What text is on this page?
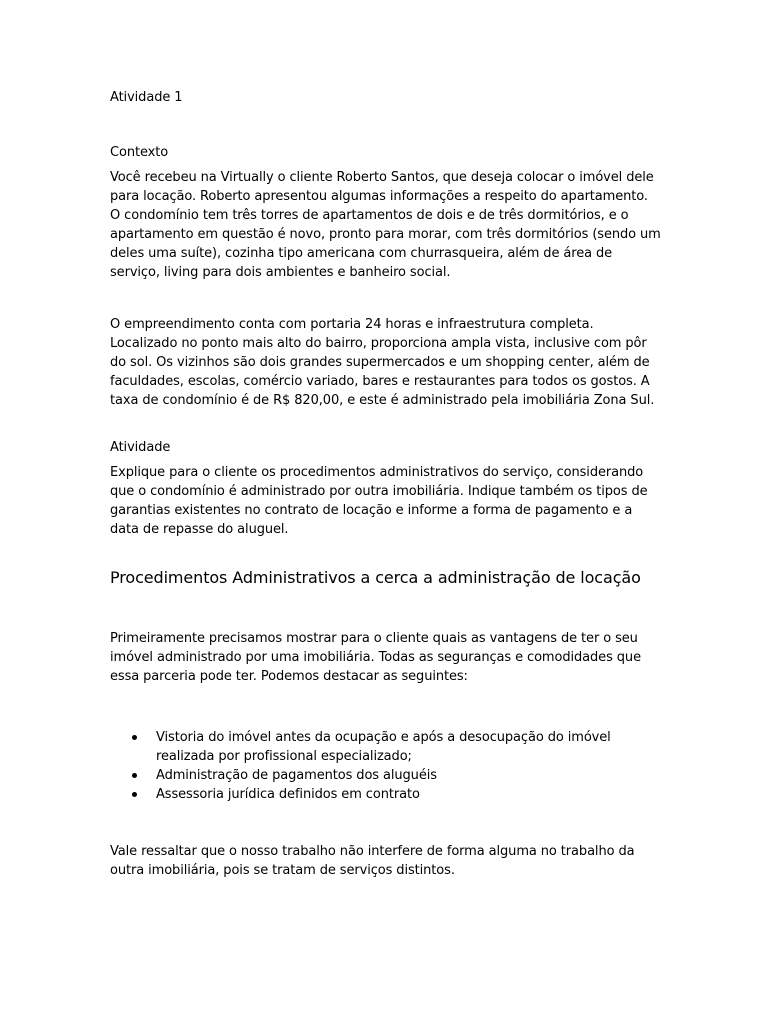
Atividade 1

Contexto

Você recebeu na Virtually o cliente Roberto Santos, que deseja colocar o imóvel dele para locação. Roberto apresentou algumas informações a respeito do apartamento. O condomínio tem três torres de apartamentos de dois e de três dormitórios, e o apartamento em questão é novo, pronto para morar, com três dormitórios (sendo um deles uma suíte), cozinha tipo americana com churrasqueira, além de área de serviço, living para dois ambientes e banheiro social.

O empreendimento conta com portaria 24 horas e infraestrutura completa. Localizado no ponto mais alto do bairro, proporciona ampla vista, inclusive com pôr do sol. Os vizinhos são dois grandes supermercados e um shopping center, além de faculdades, escolas, comércio variado, bares e restaurantes para todos os gostos. A taxa de condomínio é de R$ 820,00, e este é administrado pela imobiliária Zona Sul.

Atividade

Explique para o cliente os procedimentos administrativos do serviço, considerando que o condomínio é administrado por outra imobiliária. Indique também os tipos de garantias existentes no contrato de locação e informe a forma de pagamento e a data de repasse do aluguel.

Procedimentos Administrativos a cerca a administração de locação

Primeiramente precisamos mostrar para o cliente quais as vantagens de ter o seu imóvel administrado por uma imobiliária. Todas as seguranças e comodidades que essa parceria pode ter. Podemos destacar as seguintes:

Vistoria do imóvel antes da ocupação e após a desocupação do imóvel realizada por profissional especializado;
Administração de pagamentos dos aluguéis
Assessoria jurídica definidos em contrato

Vale ressaltar que o nosso trabalho não interfere de forma alguma no trabalho da outra imobiliária, pois se tratam de serviços distintos.
